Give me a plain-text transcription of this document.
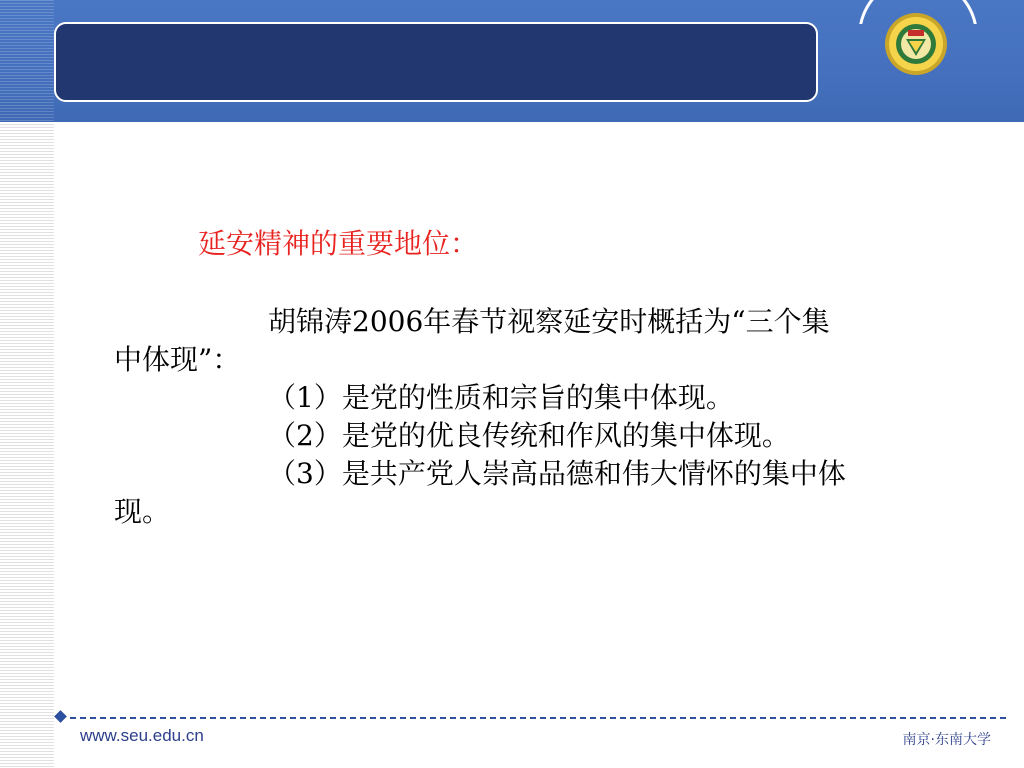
延安精神的重要地位：

胡锦涛2006年春节视察延安时概括为“三个集

中体现”：

（1）是党的性质和宗旨的集中体现。

（2）是党的优良传统和作风的集中体现。

（3）是共产党人崇高品德和伟大情怀的集中体

现。

www.seu.edu.cn	南京·东南大学
